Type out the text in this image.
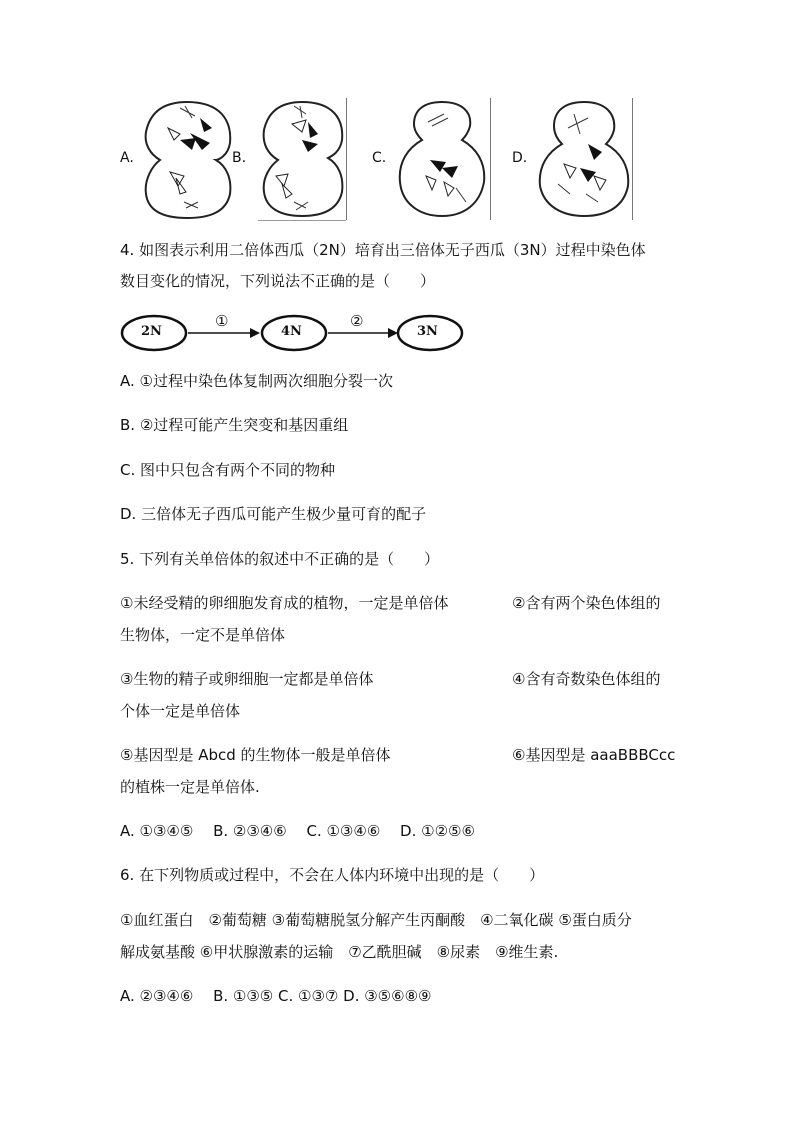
A.	B.	C.	D.
4. 如图表示利用二倍体西瓜（2N）培育出三倍体无子西瓜（3N）过程中染色体
数目变化的情况，下列说法不正确的是（　　）
2N	4N	3N
①	②
A. ①过程中染色体复制两次细胞分裂一次
B. ②过程可能产生突变和基因重组
C. 图中只包含有两个不同的物种
D. 三倍体无子西瓜可能产生极少量可育的配子
5. 下列有关单倍体的叙述中不正确的是（　　）
①未经受精的卵细胞发育成的植物，一定是单倍体	②含有两个染色体组的
生物体，一定不是单倍体
③生物的精子或卵细胞一定都是单倍体	④含有奇数染色体组的
个体一定是单倍体
⑤基因型是 Abcd 的生物体一般是单倍体	⑥基因型是 aaaBBBCcc
的植株一定是单倍体.
A. ①③④⑤　 B. ②③④⑥　 C. ①③④⑥　 D. ①②⑤⑥
6. 在下列物质或过程中，不会在人体内环境中出现的是（　　）
①血红蛋白　②葡萄糖 ③葡萄糖脱氢分解产生丙酮酸　④二氧化碳 ⑤蛋白质分
解成氨基酸 ⑥甲状腺激素的运输　⑦乙酰胆碱　⑧尿素　⑨维生素.
A. ②③④⑥　 B. ①③⑤ C. ①③⑦ D. ③⑤⑥⑧⑨
